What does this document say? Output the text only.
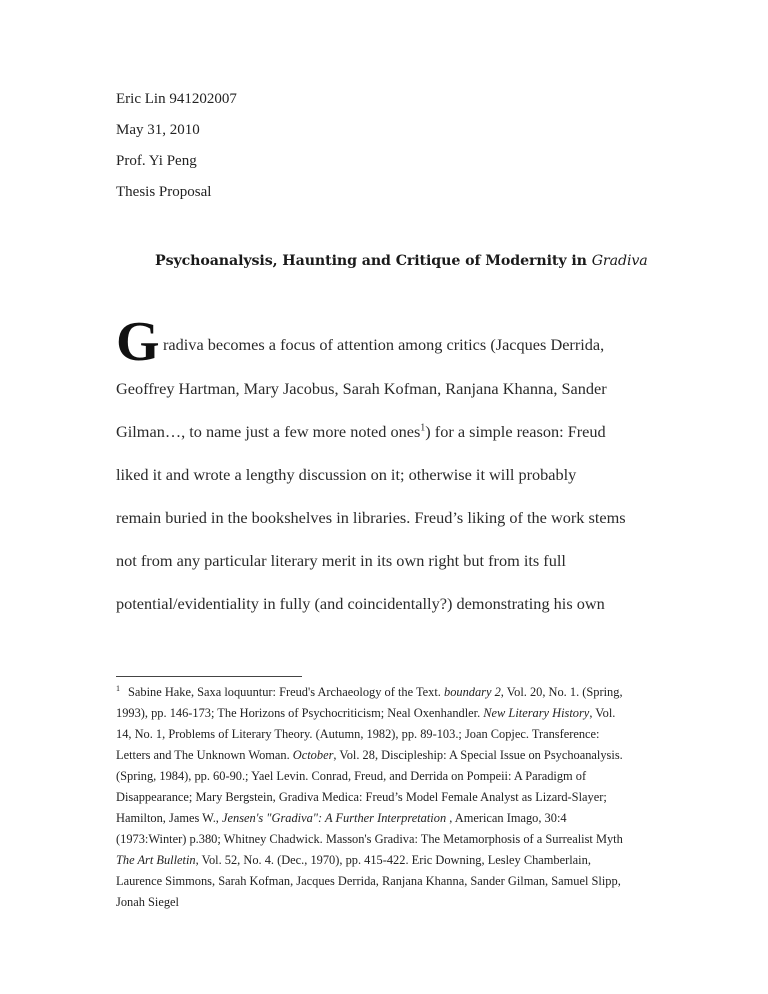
Eric Lin 941202007
May 31, 2010
Prof. Yi Peng
Thesis Proposal
Psychoanalysis, Haunting and Critique of Modernity in Gradiva
G radiva becomes a focus of attention among critics (Jacques Derrida,
Geoffrey Hartman, Mary Jacobus, Sarah Kofman, Ranjana Khanna, Sander
Gilman…, to name just a few more noted ones$^1$) for a simple reason: Freud
liked it and wrote a lengthy discussion on it; otherwise it will probably
remain buried in the bookshelves in libraries. Freud’s liking of the work stems
not from any particular literary merit in its own right but from its full
potential/evidentiality in fully (and coincidentally?) demonstrating his own
$^1$ Sabine Hake, Saxa loquuntur: Freud's Archaeology of the Text. boundary 2, Vol. 20, No. 1. (Spring,
1993), pp. 146-173; The Horizons of Psychocriticism; Neal Oxenhandler. New Literary History, Vol.
14, No. 1, Problems of Literary Theory. (Autumn, 1982), pp. 89-103.; Joan Copjec. Transference:
Letters and The Unknown Woman. October, Vol. 28, Discipleship: A Special Issue on Psychoanalysis.
(Spring, 1984), pp. 60-90.; Yael Levin. Conrad, Freud, and Derrida on Pompeii: A Paradigm of
Disappearance; Mary Bergstein, Gradiva Medica: Freud’s Model Female Analyst as Lizard-Slayer;
Hamilton, James W., Jensen's "Gradiva": A Further Interpretation , American Imago, 30:4
(1973:Winter) p.380; Whitney Chadwick. Masson's Gradiva: The Metamorphosis of a Surrealist Myth
The Art Bulletin, Vol. 52, No. 4. (Dec., 1970), pp. 415-422. Eric Downing, Lesley Chamberlain,
Laurence Simmons, Sarah Kofman, Jacques Derrida, Ranjana Khanna, Sander Gilman, Samuel Slipp,
Jonah Siegel
